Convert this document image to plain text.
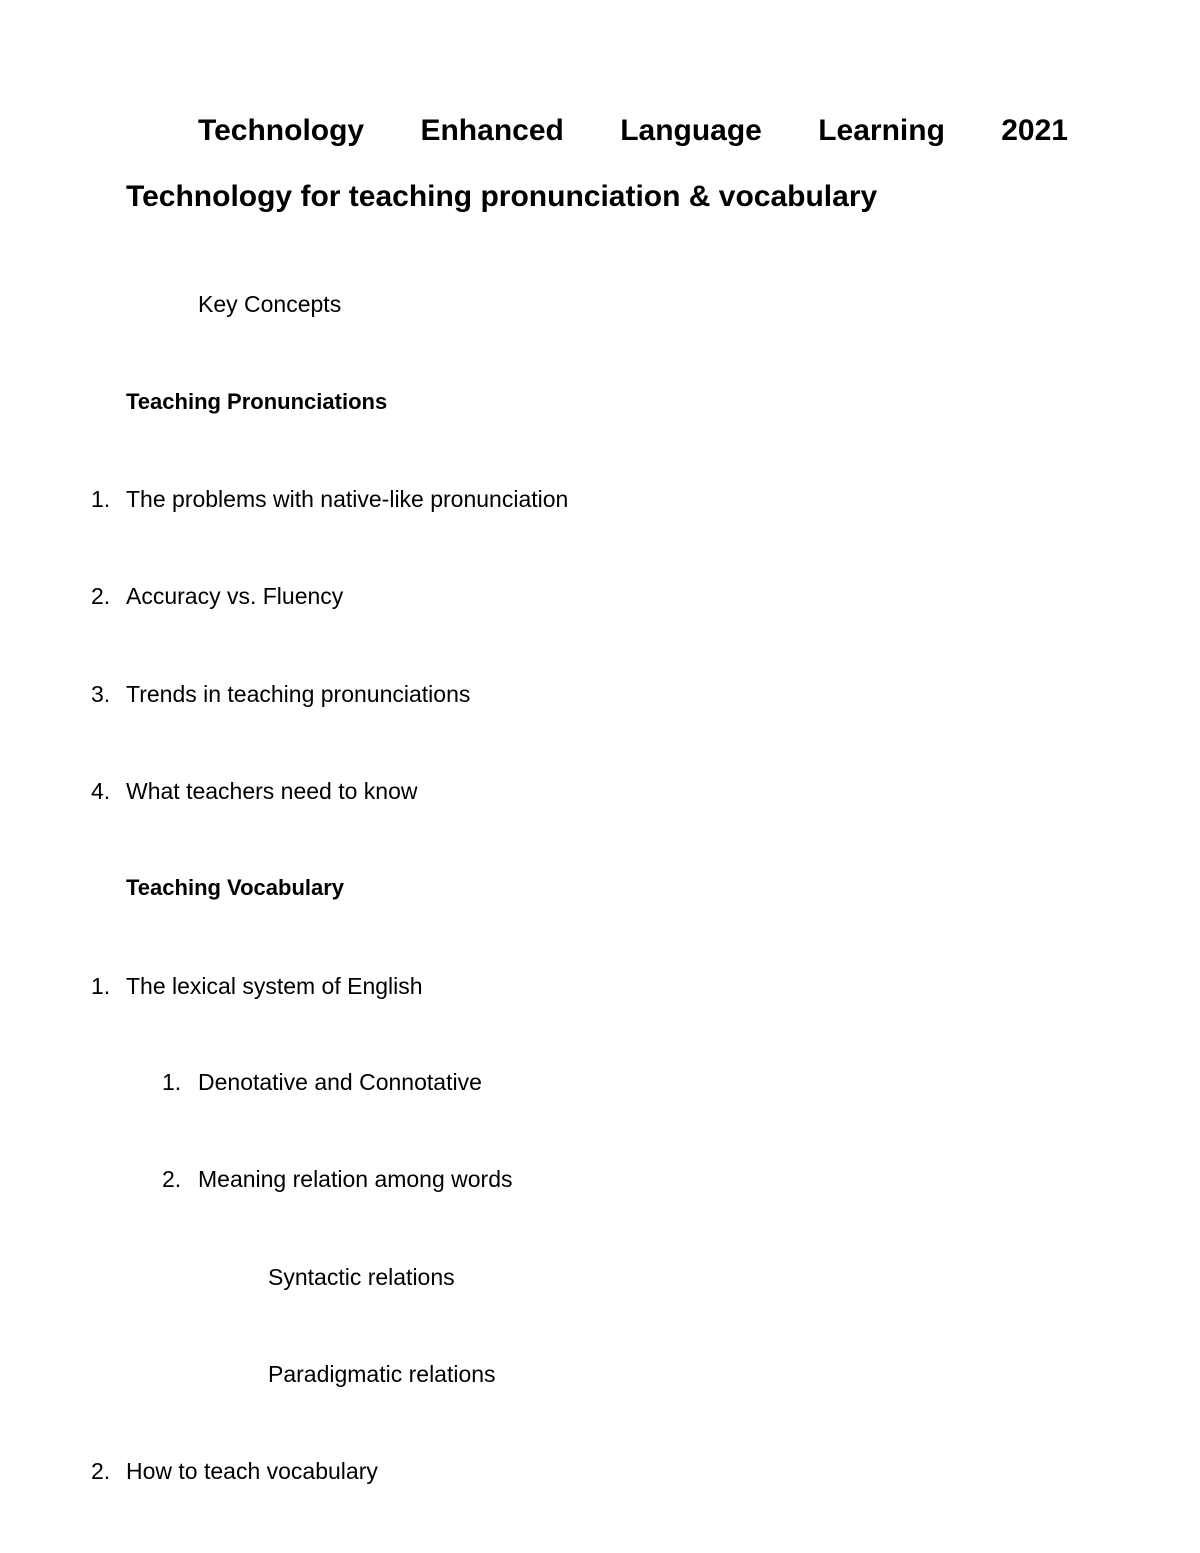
Technology Enhanced Language Learning 2021
Technology for teaching pronunciation & vocabulary
Key Concepts
Teaching Pronunciations
1. The problems with native-like pronunciation
2. Accuracy vs. Fluency
3. Trends in teaching pronunciations
4. What teachers need to know
Teaching Vocabulary
1. The lexical system of English
1. Denotative and Connotative
2. Meaning relation among words
Syntactic relations
Paradigmatic relations
2. How to teach vocabulary
